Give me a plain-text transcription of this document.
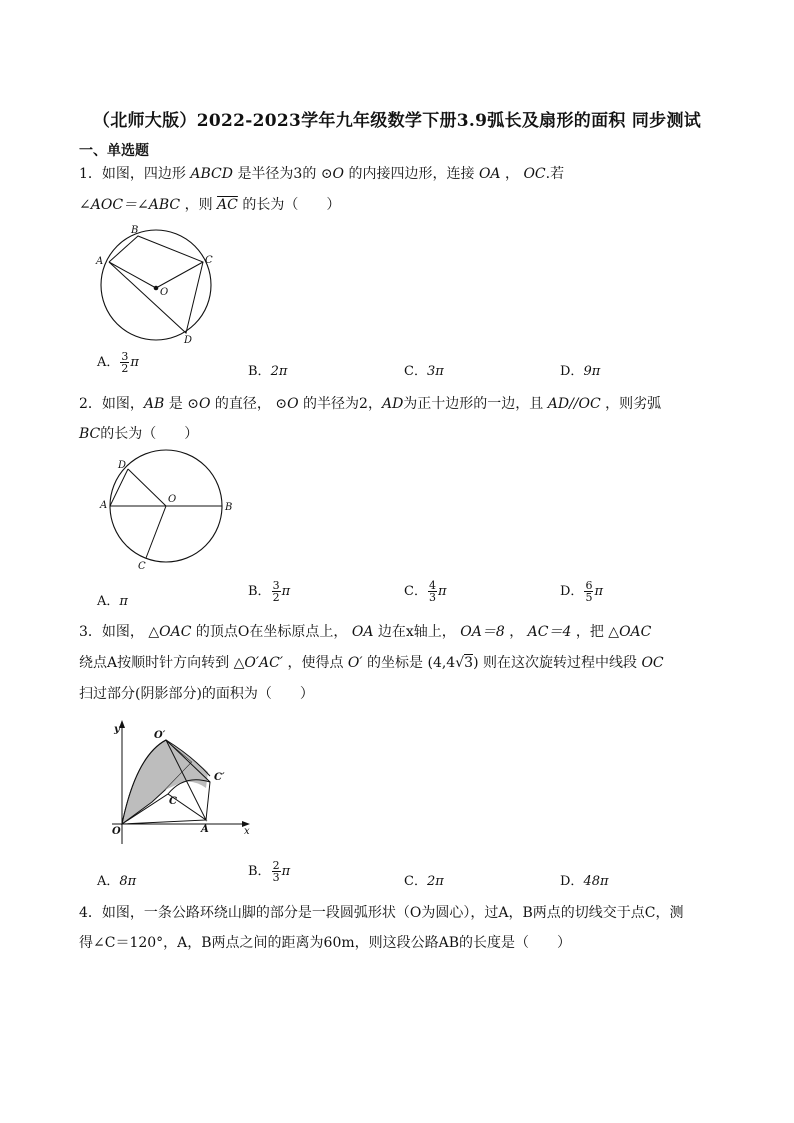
（北师大版）2022-2023学年九年级数学下册3.9弧长及扇形的面积 同步测试
一、单选题
1．如图，四边形 ABCD 是半径为3的 ⊙O 的内接四边形，连接 OA ， OC.若
∠AOC＝∠ABC ，则 $\overline{AC}$ 的长为（　　）
A
B
C
D
O
A． $\frac{3}{2}$ π
B．2π	C．3π	D．9π
2．如图，AB 是 ⊙O 的直径， ⊙O 的半径为2，AD为正十边形的一边，且 AD//OC ，则劣弧
BC的长为（　　）
A	B
D
O
C
A．π
B． $\frac{3}{2}$ π	C． $\frac{4}{3}$ π	D． $\frac{6}{5}$ π
3．如图， △OAC 的顶点O在坐标原点上， OA 边在x轴上， OA＝8 ， AC＝4 ，把 △OAC
绕点A按顺时针方向转到 △O′AC′ ，使得点 O′ 的坐标是 (4,4√3) 则在这次旋转过程中线段 OC
扫过部分(阴影部分)的面积为（　　）
y
x
O	A
C
O′
C′
A．8π
B． $\frac{2}{3}$ π
C．2π	D．48π
4．如图，一条公路环绕山脚的部分是一段圆弧形状（O为圆心），过A，B两点的切线交于点C，测
得∠C＝120°，A，B两点之间的距离为60m，则这段公路AB的长度是（　　）
